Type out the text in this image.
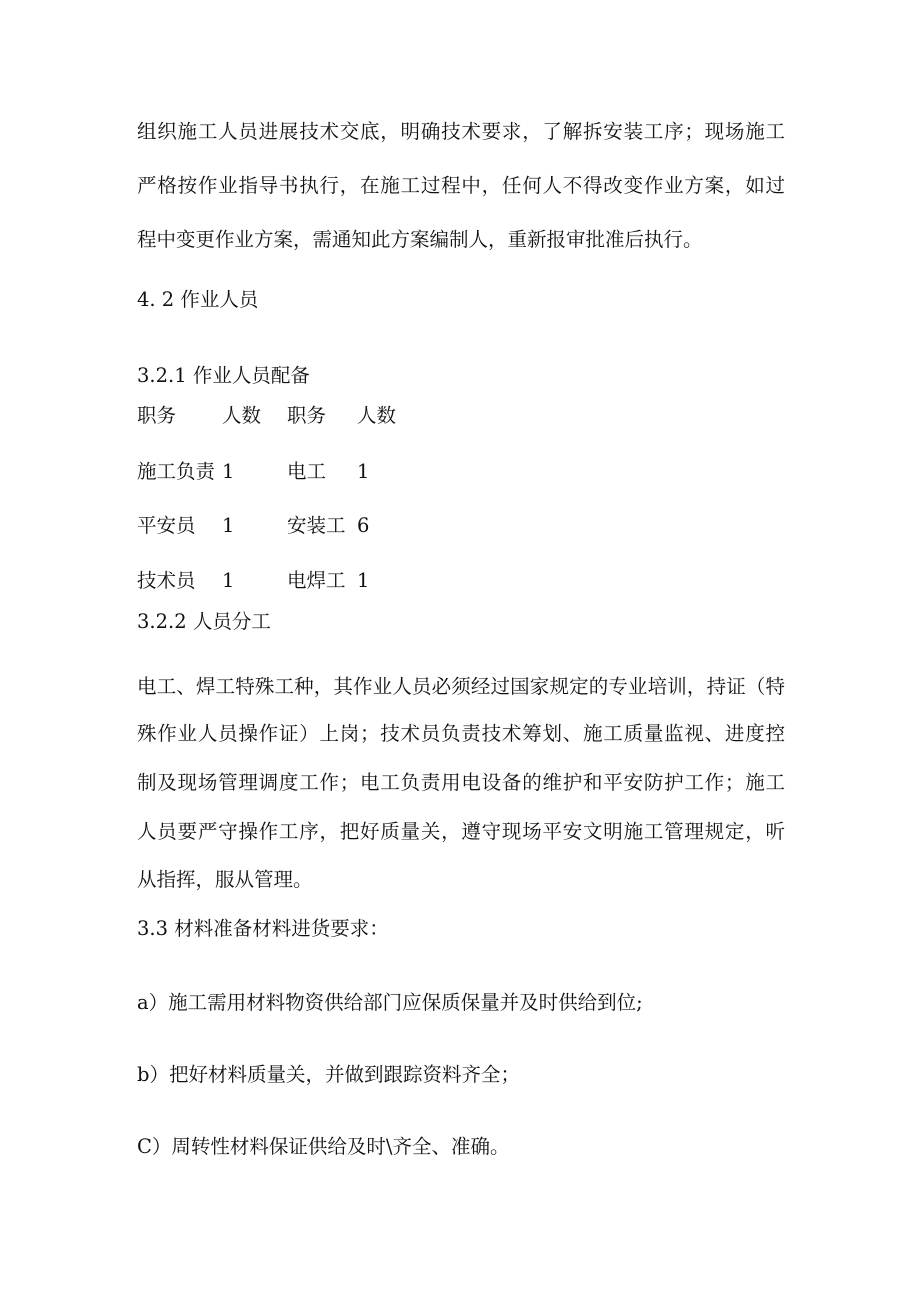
组织施工人员进展技术交底，明确技术要求，了解拆安装工序；现场施工
严格按作业指导书执行，在施工过程中，任何人不得改变作业方案，如过
程中变更作业方案，需通知此方案编制人，重新报审批准后执行。
4. 2 作业人员
3.2.1 作业人员配备
职务 人数 职务 人数
施工负责 1	电工 1
平安员 1	安装工 6
技术员 1	电焊工 1
3.2.2 人员分工
电工、焊工特殊工种，其作业人员必须经过国家规定的专业培训，持证（特
殊作业人员操作证）上岗；技术员负责技术筹划、施工质量监视、进度控
制及现场管理调度工作；电工负责用电设备的维护和平安防护工作；施工
人员要严守操作工序，把好质量关，遵守现场平安文明施工管理规定，听
从指挥，服从管理。
3.3 材料准备材料进货要求：
a）施工需用材料物资供给部门应保质保量并及时供给到位;
b）把好材料质量关，并做到跟踪资料齐全；
C）周转性材料保证供给及时\齐全、准确。
